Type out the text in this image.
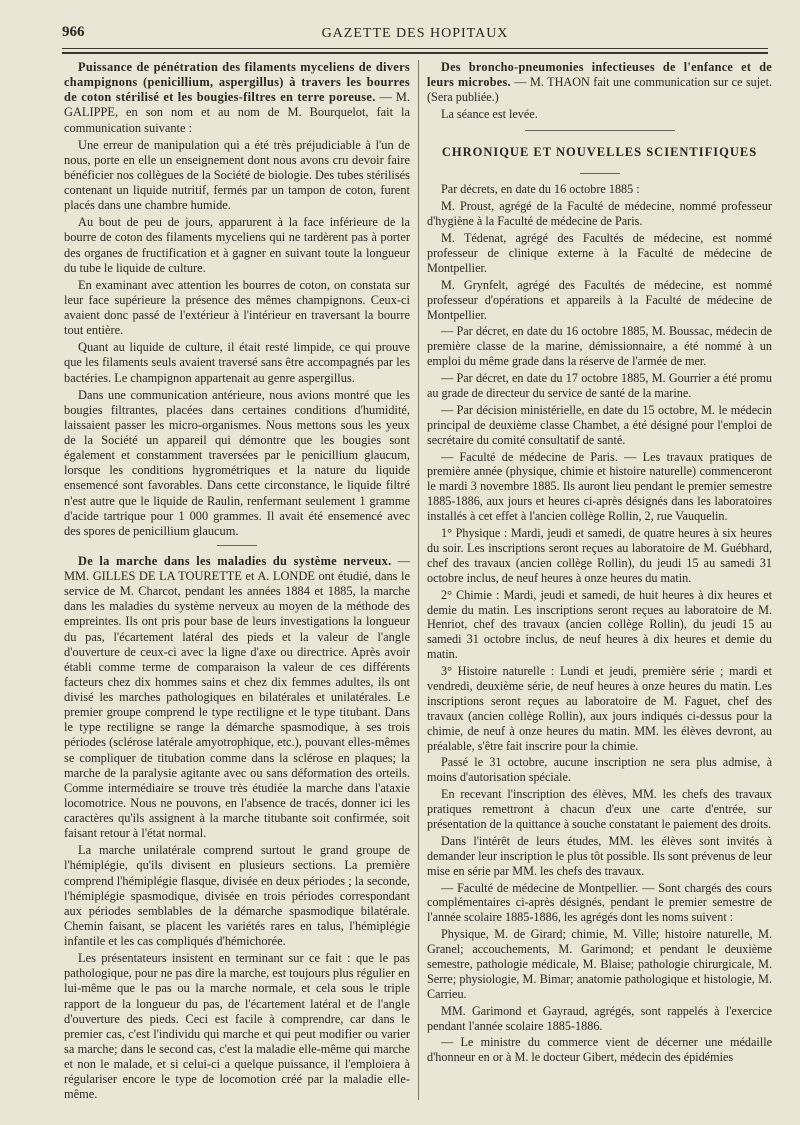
966	GAZETTE DES HOPITAUX

Puissance de pénétration des filaments myceliens de divers champignons (penicillium, aspergillus) à travers les bourres de coton stérilisé et les bougies-filtres en terre poreuse. — M. GALIPPE, en son nom et au nom de M. Bourquelot, fait la communication suivante :

Une erreur de manipulation qui a été très préjudiciable à l'un de nous, porte en elle un enseignement dont nous avons cru devoir faire bénéficier nos collègues de la Société de biologie. Des tubes stérilisés contenant un liquide nutritif, fermés par un tampon de coton, furent placés dans une chambre humide.

Au bout de peu de jours, apparurent à la face inférieure de la bourre de coton des filaments myceliens qui ne tardèrent pas à porter des organes de fructification et à gagner en suivant toute la longueur du tube le liquide de culture.

En examinant avec attention les bourres de coton, on constata sur leur face supérieure la présence des mêmes champignons. Ceux-ci avaient donc passé de l'extérieur à l'intérieur en traversant la bourre tout entière.

Quant au liquide de culture, il était resté limpide, ce qui prouve que les filaments seuls avaient traversé sans être accompagnés par les bactéries. Le champignon appartenait au genre aspergillus.

Dans une communication antérieure, nous avions montré que les bougies filtrantes, placées dans certaines conditions d'humidité, laissaient passer les micro-organismes. Nous mettons sous les yeux de la Société un appareil qui démontre que les bougies sont également et constamment traversées par le penicillium glaucum, lorsque les conditions hygrométriques et la nature du liquide ensemencé sont favorables. Dans cette circonstance, le liquide filtré n'est autre que le liquide de Raulin, renfermant seulement 1 gramme d'acide tartrique pour 1 000 grammes. Il avait été ensemencé avec des spores de penicillium glaucum.

De la marche dans les maladies du système nerveux. — MM. GILLES DE LA TOURETTE et A. LONDE ont étudié, dans le service de M. Charcot, pendant les années 1884 et 1885, la marche dans les maladies du système nerveux au moyen de la méthode des empreintes. Ils ont pris pour base de leurs investigations la longueur du pas, l'écartement latéral des pieds et la valeur de l'angle d'ouverture de ceux-ci avec la ligne d'axe ou directrice. Après avoir établi comme terme de comparaison la valeur de ces différents facteurs chez dix hommes sains et chez dix femmes adultes, ils ont divisé les marches pathologiques en bilatérales et unilatérales. Le premier groupe comprend le type rectiligne et le type titubant. Dans le type rectiligne se range la démarche spasmodique, à ses trois périodes (sclérose latérale amyotrophique, etc.), pouvant elles-mêmes se compliquer de titubation comme dans la sclérose en plaques; la marche de la paralysie agitante avec ou sans déformation des orteils. Comme intermédiaire se trouve très étudiée la marche dans l'ataxie locomotrice. Nous ne pouvons, en l'absence de tracés, donner ici les caractères qu'ils assignent à la marche titubante soit confirmée, soit faisant retour à l'état normal.

La marche unilatérale comprend surtout le grand groupe de l'hémiplégie, qu'ils divisent en plusieurs sections. La première comprend l'hémiplégie flasque, divisée en deux périodes ; la seconde, l'hémiplégie spasmodique, divisée en trois périodes correspondant aux périodes semblables de la démarche spasmodique bilatérale. Chemin faisant, se placent les variétés rares en talus, l'hémiplégie infantile et les cas compliqués d'hémichorée.

Les présentateurs insistent en terminant sur ce fait : que le pas pathologique, pour ne pas dire la marche, est toujours plus régulier en lui-même que le pas ou la marche normale, et cela sous le triple rapport de la longueur du pas, de l'écartement latéral et de l'angle d'ouverture des pieds. Ceci est facile à comprendre, car dans le premier cas, c'est l'individu qui marche et qui peut modifier ou varier sa marche; dans le second cas, c'est la maladie elle-même qui marche et non le malade, et si celui-ci a quelque puissance, il l'emploiera à régulariser encore le type de locomotion créé par la maladie elle-même.

Des broncho-pneumonies infectieuses de l'enfance et de leurs microbes. — M. THAON fait une communication sur ce sujet. (Sera publiée.)

La séance est levée.

CHRONIQUE ET NOUVELLES SCIENTIFIQUES

Par décrets, en date du 16 octobre 1885 :

M. Proust, agrégé de la Faculté de médecine, nommé professeur d'hygiène à la Faculté de médecine de Paris.

M. Tédenat, agrégé des Facultés de médecine, est nommé professeur de clinique externe à la Faculté de médecine de Montpellier.

M. Grynfelt, agrégé des Facultés de médecine, est nommé professeur d'opérations et appareils à la Faculté de médecine de Montpellier.

— Par décret, en date du 16 octobre 1885, M. Boussac, médecin de première classe de la marine, démissionnaire, a été nommé à un emploi du même grade dans la réserve de l'armée de mer.

— Par décret, en date du 17 octobre 1885, M. Gourrier a été promu au grade de directeur du service de santé de la marine.

— Par décision ministérielle, en date du 15 octobre, M. le médecin principal de deuxième classe Chambet, a été désigné pour l'emploi de secrétaire du comité consultatif de santé.

— Faculté de médecine de Paris. — Les travaux pratiques de première année (physique, chimie et histoire naturelle) commenceront le mardi 3 novembre 1885. Ils auront lieu pendant le premier semestre 1885-1886, aux jours et heures ci-après désignés dans les laboratoires installés à cet effet à l'ancien collège Rollin, 2, rue Vauquelin.

1° Physique : Mardi, jeudi et samedi, de quatre heures à six heures du soir. Les inscriptions seront reçues au laboratoire de M. Guébhard, chef des travaux (ancien collège Rollin), du jeudi 15 au samedi 31 octobre inclus, de neuf heures à onze heures du matin.

2° Chimie : Mardi, jeudi et samedi, de huit heures à dix heures et demie du matin. Les inscriptions seront reçues au laboratoire de M. Henriot, chef des travaux (ancien collège Rollin), du jeudi 15 au samedi 31 octobre inclus, de neuf heures à dix heures et demie du matin.

3° Histoire naturelle : Lundi et jeudi, première série ; mardi et vendredi, deuxième série, de neuf heures à onze heures du matin. Les inscriptions seront reçues au laboratoire de M. Faguet, chef des travaux (ancien collège Rollin), aux jours indiqués ci-dessus pour la chimie, de neuf à onze heures du matin. MM. les élèves devront, au préalable, s'être fait inscrire pour la chimie.

Passé le 31 octobre, aucune inscription ne sera plus admise, à moins d'autorisation spéciale.

En recevant l'inscription des élèves, MM. les chefs des travaux pratiques remettront à chacun d'eux une carte d'entrée, sur présentation de la quittance à souche constatant le paiement des droits.

Dans l'intérêt de leurs études, MM. les élèves sont invités à demander leur inscription le plus tôt possible. Ils sont prévenus de leur mise en série par MM. les chefs des travaux.

— Faculté de médecine de Montpellier. — Sont chargés des cours complémentaires ci-après désignés, pendant le premier semestre de l'année scolaire 1885-1886, les agrégés dont les noms suivent :

Physique, M. de Girard; chimie, M. Ville; histoire naturelle, M. Granel; accouchements, M. Garimond; et pendant le deuxième semestre, pathologie médicale, M. Blaise; pathologie chirurgicale, M. Serre; physiologie, M. Bimar; anatomie pathologique et histologie, M. Carrieu.

MM. Garimond et Gayraud, agrégés, sont rappelés à l'exercice pendant l'année scolaire 1885-1886.

— Le ministre du commerce vient de décerner une médaille d'honneur en or à M. le docteur Gibert, médecin des épidémies
